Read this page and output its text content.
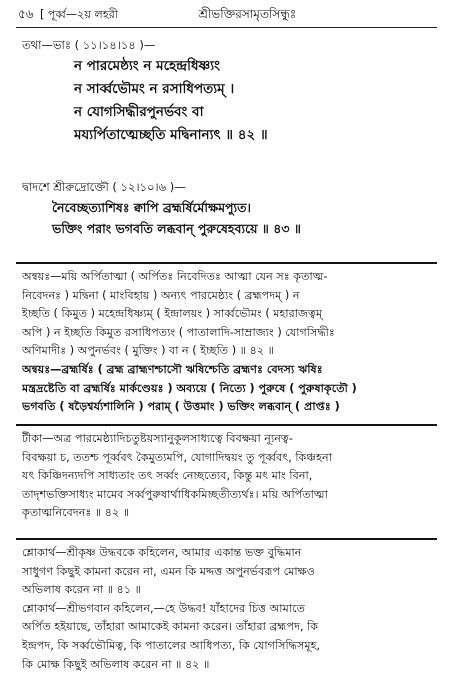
৫৬	শ্রীভক্তিরসামৃতসিন্ধুঃ
[ পূর্ব্ব—২য় লহরী
তথা—ভাঃ ( ১১।১৪।১৪ )—
ন পারমেষ্ঠ্যং ন মহেন্দ্রধিষ্ণ্যং
ন সার্ব্বভৌমং ন রসাধিপত্যম্ ।
ন যোগসিদ্ধীরপুনর্ভবং বা
ময্যর্পিতাত্মেচ্ছতি মদ্বিনান্যৎ ॥ ৪২ ॥
দ্বাদশে শ্রীরুদ্রোক্তৌ ( ১২।১০।৬ )—
নৈবেচ্ছত্যাশিষঃ ক্বাপি ব্রহ্মর্ষির্মোক্ষমপ্যুত।
ভক্তিং পরাং ভগবতি লব্ধবান্ পুরুষেহব্যয়ে ॥ ৪৩ ॥
অন্বয়ঃ—ময়ি অর্পিতাত্মা ( অর্পিতঃ নিবেদিতঃ আত্মা যেন সঃ কৃতাত্ম-
নিবেদনঃ ) মদ্বিনা ( মাংবিহায় ) অন্যৎ পারমেষ্ঠ্যং ( ব্রহ্মপদম্ ) ন
ইচ্ছতি ( কিমুত ) মহেন্দ্রধিষ্ণ্যম্ ( ইন্দ্রালয়ং ) সার্ব্বভৌমং ( মহারাজত্বম্
অপি ) ন ইচ্ছতি কিমুত রসাধিপত্যং ( পাতালাদি-সাম্রাজ্যং ) যোগসিদ্ধীঃ
অণিমাদীঃ ) অপুনর্ভবং ( মুক্তিং ) বা ন ( ইচ্ছতি ) ॥ ৪২ ॥
অন্বয়ঃ—ব্রহ্মর্ষিঃ ( ব্রহ্ম ব্রাহ্মণশ্চাসৌ ঋষিশ্চেতি ব্রহ্মণঃ বেদস্য ঋষিঃ
মন্ত্রদ্রষ্টেতি বা ব্রহ্মর্ষিঃ মার্কণ্ডেয়ঃ ) অব্যয়ে ( নিত্যে ) পুরুষে ( পুরুষাকৃতৌ )
ভগবতি ( ষড়ৈশ্বর্য্যশালিনি ) পরাম্ ( উত্তমাং ) ভক্তিং লব্ধবান্ ( প্রাপ্তঃ )
টীকা—অত্র পারমেষ্ঠ্যাদিচতুষ্টয়স্যানুকূলসাধ্যত্বে বিবক্ষয়া ন্যূনত্ব-
বিবক্ষয়া চ, ততশ্চ পূর্ব্ববৎ কৈমুত্যমপি, যোগাদিদ্বয়ং তু পূর্ব্ববৎ, কিঞ্চহনা
যৎ কিঞ্চিদন্যদপি সাধ্যতাং তৎ সর্ব্বং নেচ্ছত্যেব, কিন্তু মৎ মাং বিনা,
তাদৃশভক্তিসাধ্যং মামেব সর্ব্বপুরুষার্থাধিকমিচ্ছতীত্যর্থঃ। ময়ি অর্পিতাত্মা
কৃতাত্মনিবেদনঃ ॥ ৪২ ॥
শ্লোকার্থ—শ্রীকৃষ্ণ উদ্ধবকে কহিলেন, আমার একান্ত ভক্ত বুদ্ধিমান
সাধুগণ কিছুই কামনা করেন না, এমন কি মদ্দত্ত অপুনর্ভবরূপ মোক্ষও
অভিলাষ করেন না ॥ ৪১ ॥
শ্লোকার্থ—শ্রীভগবান কহিলেন,—হে উদ্ধব! যাঁহাদের চিত্ত আমাতে
অর্পিত হইয়াছে, তাঁহারা আমাকেই কামনা করেন। তাঁহারা ব্রহ্মপদ, কি
ইন্দ্রপদ, কি সর্ব্বভৌমিত্ব, কি পাতালের আধিপত্য, কি যোগসিদ্ধিসমূহ,
কি মোক্ষ কিছুই অভিলাষ করেন না ॥ ৪২ ॥
